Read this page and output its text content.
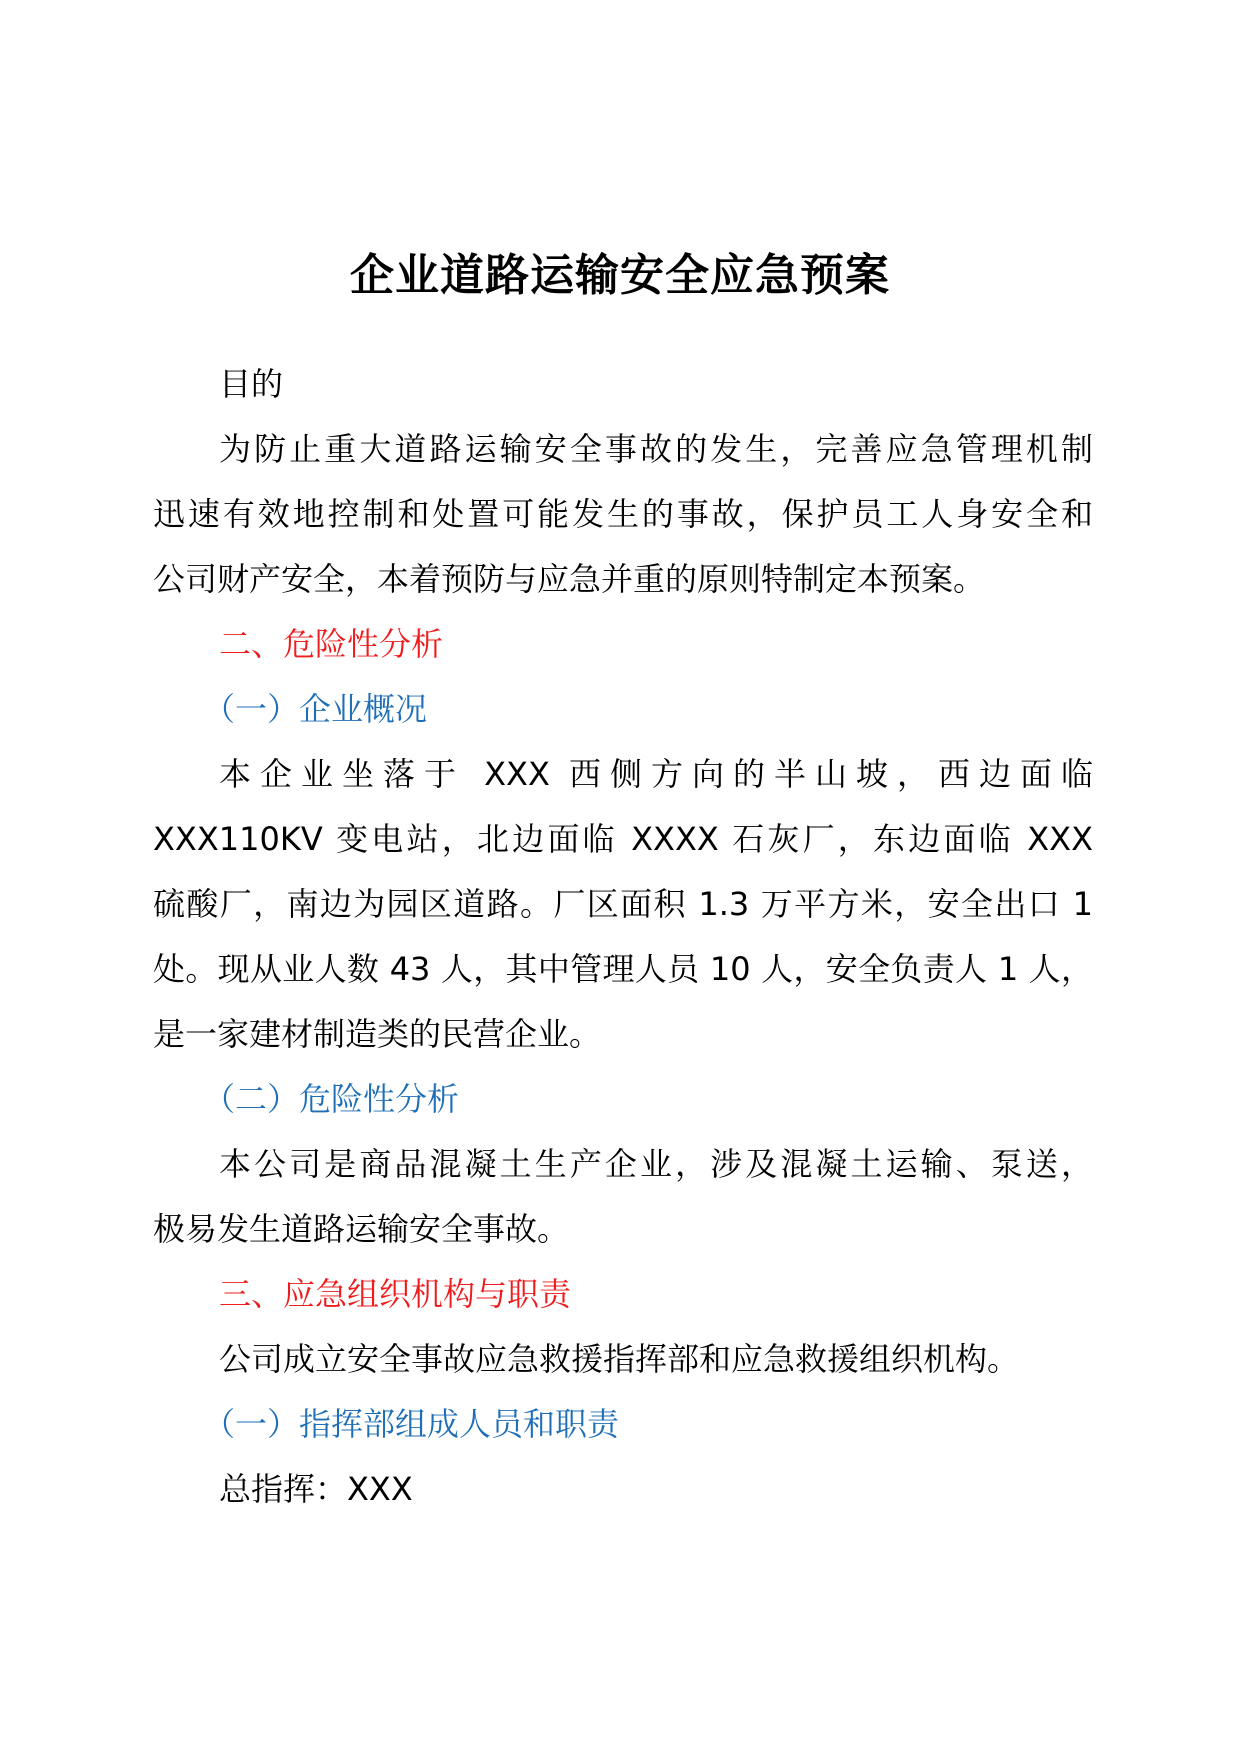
企业道路运输安全应急预案

目的

为防止重大道路运输安全事故的发生，完善应急管理机制
迅速有效地控制和处置可能发生的事故，保护员工人身安全和
公司财产安全，本着预防与应急并重的原则特制定本预案。

二、危险性分析

（一）企业概况

本企业坐落于 XXX 西侧方向的半山坡，西边面临
XXX110KV 变电站，北边面临 XXXX 石灰厂，东边面临 XXX
硫酸厂，南边为园区道路。厂区面积 1.3 万平方米，安全出口 1
处。现从业人数 43 人，其中管理人员 10 人，安全负责人 1 人，
是一家建材制造类的民营企业。

（二）危险性分析

本公司是商品混凝土生产企业，涉及混凝土运输、泵送，
极易发生道路运输安全事故。

三、应急组织机构与职责

公司成立安全事故应急救援指挥部和应急救援组织机构。

（一）指挥部组成人员和职责

总指挥：XXX
